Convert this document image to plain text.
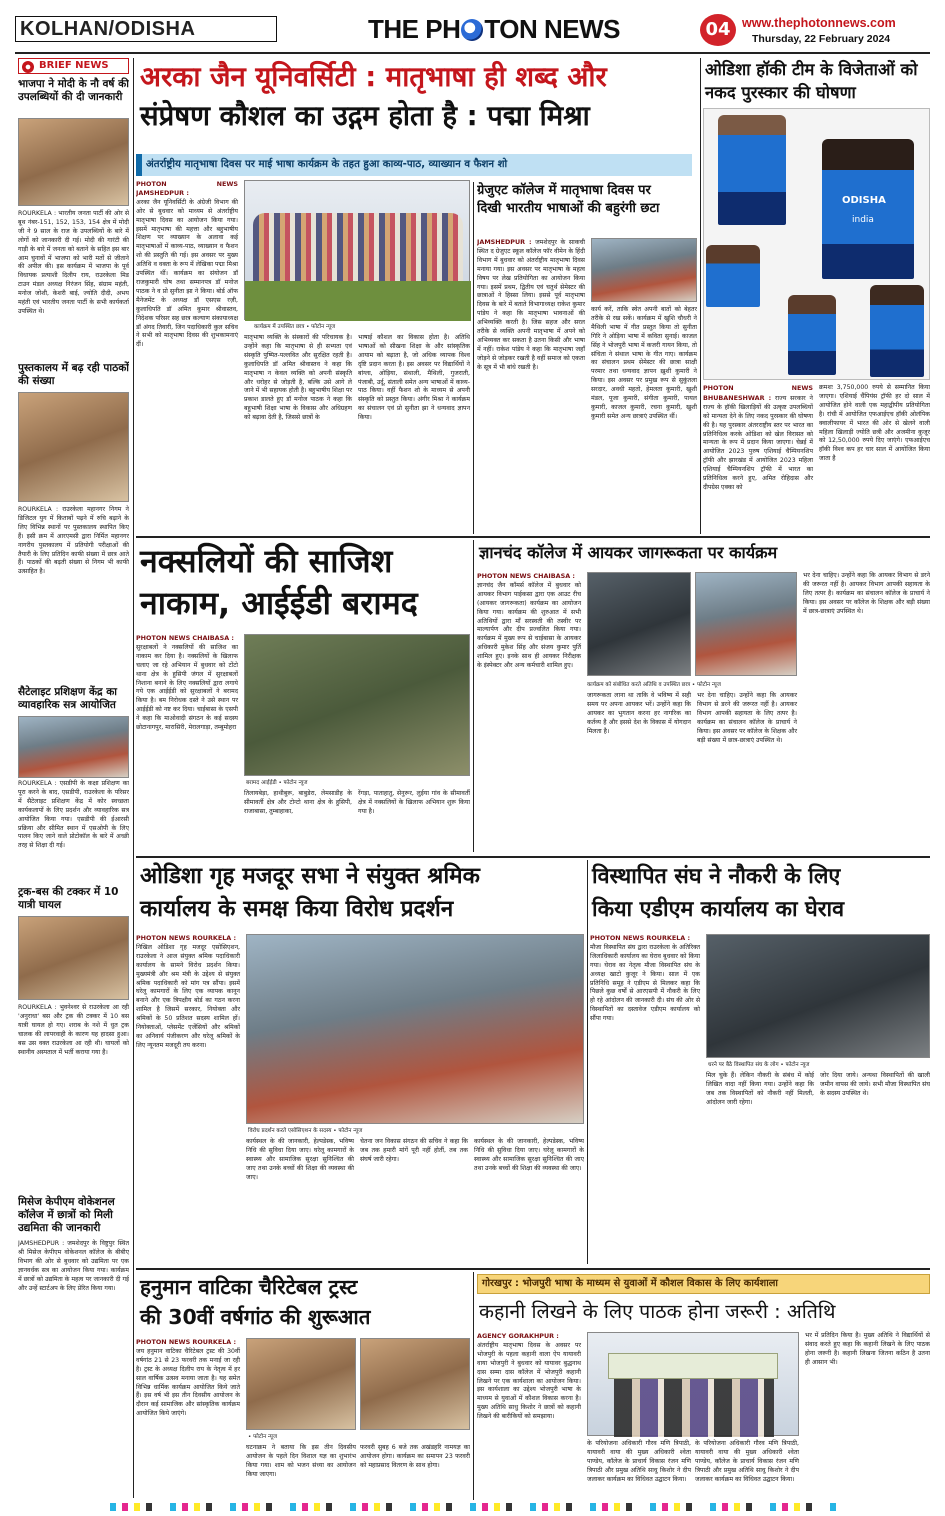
KOLHAN/ODISHA	THE PH TON NEWS	04 www.thephotonnews.com
Thursday, 22 February 2024
BRIEF NEWS
भाजपा ने मोदी के नौ वर्ष की उपलब्धियों की दी जानकारी
ROURKELA : भारतीय जनता पार्टी की ओर से बूथ नंबर-151, 152, 153, 154 क्षेत्र में मोदी जी ने 9 साल के राज के उपलब्धियों के बारे में लोगों को जानकारी दी गई। मोदी की गारंटी की गाड़ी के बारे में जनता को बताने के सहित इस बार आम चुनावों में भाजपा को भारी मतों से जीताने की अपील की। इस कार्यक्रम में भाजपा के पूर्व विधायक प्रत्याशी दिलीप राय, राउरकेला मिड टाउन मंडल अध्यक्ष निरंजन सिंह, संग्राम महंती, मनोज जोशी, केशरी बाई, ज्योति दीदी, अभय महंती एवं भारतीय जनता पार्टी के सभी कार्यकर्ता उपस्थित थे।
पुस्तकालय में बढ़ रही पाठकों की संख्या
ROURKELA : राउरकेला महानगर निगम ने डिजिटल युग में किताबों पढ़ने में रुचि बढ़ाने के लिए विभिन्न स्थानों पर पुस्तकालय स्थापित किए हैं। इसी क्रम में आरएमसी द्वारा निर्मित महानगर नागरीय पुस्तकालय में प्रतियोगी परीक्षाओं की तैयारी के लिए प्रतिदिन काफी संख्या में छात्र आते हैं। पाठकों की बढ़ती संख्या से निगम भी काफी उत्साहित है।
सैटेलाइट प्रशिक्षण केंद्र का व्यावहारिक सत्र आयोजित
ROURKELA : एसडीपी के कक्षा प्रशिक्षण का पूरा करने के बाद, एसडीपी, राउरकेला के परिसर में सैटेलाइट प्रशिक्षण केंद्र में कोर स्वच्छता कार्यकलापों के लिए प्रदर्शन और व्यावहारिक सत्र आयोजित किया गया। एसडीपी की ईआरसी प्रक्रिया और सीमित स्थान में एसओपी के लिए पालन किए जाने वाले प्रोटोकॉल के बारे में अच्छी तरह से शिक्षा दी गई।
ट्रक-बस की टक्कर में 10 यात्री घायल
ROURKELA : भुवनेश्वर से राउरकेला आ रही 'अनुराधा' बस और ट्रक की टक्कर में 10 बस यात्री घायल हो गए। शराब के नशे में धुत ट्रक चालक की लापरवाही के कारण यह हादसा हुआ। बस उस वक्त राउरकेला आ रही थी। घायलों को स्थानीय अस्पताल में भर्ती कराया गया है।
मिसेज केपीएम वोकेशनल कॉलेज में छात्रों को मिली उद्यमिता की जानकारी
JAMSHEDPUR : जमशेदपुर के विष्टुपुर स्थित श्री मिसेज केपीएम वोकेशनल कॉलेज के बीबीए विभाग की ओर से बुधवार को उद्यमिता पर एक ज्ञानवर्धक सत्र का आयोजन किया गया। कार्यक्रम में छात्रों को उद्यमिता के महत्व पर जानकारी दी गई और उन्हें स्टार्टअप के लिए प्रेरित किया गया।
अरका जैन यूनिवर्सिटी : मातृभाषा ही शब्द और
संप्रेषण कौशल का उद्गम होता है : पद्मा मिश्रा
अंतर्राष्ट्रीय मातृभाषा दिवस पर माई भाषा कार्यक्रम के तहत हुआ काव्य-पाठ, व्याख्यान व फैशन शो
PHOTON NEWS JAMSHEDPUR :
अरका जैन यूनिवर्सिटी के अंग्रेजी विभाग की ओर से बुधवार को माध्यम से अंतर्राष्ट्रीय मातृभाषा दिवस का आयोजन किया गया। इसमें मातृभाषा की महत्ता और बहुभाषीय शिक्षण पर व्याख्यान के अलावा कई मातृभाषाओं में काव्य-पाठ, व्याख्यान व फैशन शो की प्रस्तुति की गई। इस अवसर पर मुख्य अतिथि व वक्ता के रूप में लेखिका पद्मा मिश्रा उपस्थित थीं। कार्यक्रम का संयोजन डॉ राजकुमारी घोष तथा सम्मानपत्र डॉ मनोज पाठक ने व प्रो सुनीता झा ने किया। बोर्ड ऑफ मैनेजमेंट के अध्यक्ष डॉ एसएस रज़ी, कुलाधिपति डॉ अमित कुमार श्रीवास्तव, निदेशक परिसर सह छात्र कल्याण संकायाध्यक्ष डॉ अंगद तिवारी, जिन पदाधिकारी कुल सचिव ने सभी को मातृभाषा दिवस की शुभकामनाएं दीं।
कार्यक्रम में उपस्थित छात्र • फोटोन न्यूज
मातृभाषा व्यक्ति के संस्कारों की परिचायक है। उन्होंने कहा कि मातृभाषा से ही सभ्यता एवं संस्कृति पुष्पित-पल्लवित और सुरक्षित रहती है। कुलाधिपति डॉ अमित श्रीवास्तव ने कहा कि मातृभाषा न केवल व्यक्ति को अपनी संस्कृति और धरोहर से जोड़ती है, बल्कि उसे आगे ले जाने में भी सहायक होती है। बहुभाषीय शिक्षा पर प्रकाश डालते हुए डॉ मनोज पाठक ने कहा कि बहुभाषी शिक्षा भाषा के विकास और अधिग्रहण को बढ़ावा देती है, जिससे छात्रों के
भाषाई कौशल का विकास होता है। अतिथि भाषाओं को सीखना शिक्षा के और सांस्कृतिक आयाम को बढ़ाता है, जो अधिक व्यापक विश्व दृष्टि प्रदान करता है। इस अवसर पर विद्यार्थियों ने बांग्ला, ओड़िया, संथाली, मैथिली, गुजराती, पंजाबी, उर्दू, संताली समेत अन्य भाषाओं में काव्य-पाठ किया। वहीं फैशन शो के माध्यम से अपनी संस्कृति को प्रस्तुत किया। अंगीर मिश्रा ने कार्यक्रम का संचालन एवं प्रो सुनीता झा ने धन्यवाद ज्ञापन किया।
ग्रेजुएट कॉलेज में मातृभाषा दिवस पर
दिखी भारतीय भाषाओं की बहुरंगी छटा
JAMSHEDPUR : जमशेदपुर के साकची स्थित द ग्रेजुएट स्कूल कॉलेज फॉर वीमेन के हिंदी विभाग में बुधवार को अंतर्राष्ट्रीय मातृभाषा दिवस मनाया गया। इस अवसर पर मातृभाषा के महत्व विषय पर लेख प्रतियोगिता का आयोजन किया गया। इसमें प्रथम, द्वितीय एवं चतुर्थ सेमेस्टर की छात्राओं ने हिस्सा लिया। इससे पूर्व मातृभाषा दिवस के बारे में बताते विभागाध्यक्ष राकेश कुमार पांडेय ने कहा कि मातृभाषा भावनाओं की अभिव्यक्ति करती है। जिस सहज और सरल तरीके से व्यक्ति अपनी मातृभाषा में अपने को अभिव्यक्त कर सकता है उतना किसी और भाषा में नहीं। राकेश पांडेय ने कहा कि मातृभाषा जहाँ जोड़ने से जोड़कर रखती है वहीं समाज को एकता के सूत्र में भी बांधे रखती है।
कार्य करें, ताकि स्वेत अपनी बातों को बेहतर तरीके से रख सकें। कार्यक्रम में खुशि चौधरी ने मैथिली भाषा में गीत प्रस्तुत किया तो सुनीता गिरि ने ओड़िया भाषा में कविता सुनाई। काजल सिंह ने भोजपुरी भाषा में कजरी गायन किया, तो संचिता ने संथाल भाषा के गीत गाए। कार्यक्रम का संचालन प्रथम सेमेस्टर की छात्रा साक्षी परमार तथा धन्यवाद ज्ञापन ख़ुशी कुमारी ने किया। इस अवसर पर प्रमुख रूप से सुकुंतला सरदार, अवधी महतो, हेमलता कुमारी, खुशी मंडल, पूजा कुमारी, संगीता कुमारी, पायल कुमारी, काजल कुमारी, रचना कुमारी, खुशी कुमारी समेत अन्य छात्राएं उपस्थित थीं।
ओडिशा हॉकी टीम के विजेताओं को नकद पुरस्कार की घोषणा
ODISHA
india
PHOTON NEWS BHUBANESHWAR : राज्य सरकार ने राज्य के हॉकी खिलाड़ियों की उत्कृष्ट उपलब्धियों को मान्यता देने के लिए नकद पुरस्कार की घोषणा की है। यह पुरस्कार अंतरराष्ट्रीय स्तर पर भारत का प्रतिनिधित्व करके ओडिशा को खेल विरासत को मान्यता के रूप में प्रदान किया जाएगा। चेन्नई में आयोजित 2023 पुरुष एशियाई चैम्पियनशिप ट्रॉफी और झारखंड में आयोजित 2023 महिला एशियाई चैम्पियनशिप ट्रॉफी में भारत का प्रतिनिधित्व करने हुए, अमित रोहिदास और दीपग्रेस एक्का को
क्रमशः 3,750,000 रुपये से सम्मानित किया जाएगा। एशियाई चैंपियंस ट्रॉफी हर दो साल में आयोजित होने वाली एक महाद्वीपीय प्रतियोगिता है। रांची में आयोजित एफआईएच हॉकी ओलंपिक क्वालीफायर में भारत की ओर से खेलने वाली महिला खिलाड़ी ज्योति छत्री और अजमीना कुजूर को 12,50,000 रुपये दिए जाएंगे। एफआईएच हॉकी विश्व कप हर चार साल में आयोजित किया जाता है
नक्सलियों की साजिश
नाकाम, आईईडी बरामद
PHOTON NEWS CHAIBASA :
सुरक्षाबलों ने नक्सलियों की साजिश का नाकाम कर दिया है। नक्सलियों के खिलाफ चलाए जा रहे अभियान में बुधवार को टोंटो थाना क्षेत्र के हुसिपी जंगल में सुरक्षाबलों निशाना बनाने के लिए नक्सलियों द्वारा लगाये गये एक आईईडी को सुरक्षाबलों ने बरामद किया है। बम निरोधक दस्ते ने उसे स्थान पर आईईडी को नष्ट कर दिया। चाईबासा के एसपी ने कहा कि माओवादी संगठन के कई सदस्य छोटानागपुर, मारासिरी, मेरालगाड़ा, तम्बुमोहरा
बरामद आईईडी • फोटोन न्यूज
तिलायबेड़ा, हाथीबुरू, बाबुडेरा, लेमसाडीह के सीमावर्ती क्षेत्र और टोन्टो थाना क्षेत्र के हुसिपी, राजाबासा, तुम्बाहाका,
रेंगड़ा, पाताहातु, सेनुरूर, लुईया गांव के सीमावर्ती क्षेत्र में नक्सलियों के खिलाफ अभियान शुरू किया गया है।
ज्ञानचंद कॉलेज में आयकर जागरूकता पर कार्यक्रम
PHOTON NEWS CHAIBASA :
ज्ञानचंद जैन कॉमर्स कॉलेज में बुधवार को आयकर विभाग पाईकसा द्वारा एक आउट रीच (आयकर जागरूकता) कार्यक्रम का आयोजन किया गया। कार्यक्रम की शुरुआत में सभी अतिथियों द्वारा माँ सरस्वती की तस्वीर पर माल्यार्पण और दीप प्रज्वलित किया गया। कार्यक्रम में मुख्य रूप से चाईबासा के आयकर अधिकारी मुकेश सिंह और संजय कुमार पुर्ति शामिल हुए। इनके साथ ही आयकर निरीक्षक के इंस्पेक्टर और अन्य कर्मचारी शामिल हुए।
कार्यक्रम को संबोधित करते अतिथि व उपस्थित छात्र • फोटोन न्यूज
जागरूकता लाना था ताकि वे भविष्य में सही समय पर अपना आयकर भरें। उन्होंने कहा कि आयकर का भुगतान करना हर नागरिक का कर्तव्य है और इससे देश के विकास में योगदान मिलता है।
भर देना चाहिए। उन्होंने कहा कि आयकर विभाग से डरने की जरूरत नहीं है। आयकर विभाग आपकी सहायता के लिए तत्पर है। कार्यक्रम का संचालन कॉलेज के प्राचार्य ने किया। इस अवसर पर कॉलेज के शिक्षक और बड़ी संख्या में छात्र-छात्राएं उपस्थित थे।
भर देना चाहिए। उन्होंने कहा कि आयकर विभाग से डरने की जरूरत नहीं है। आयकर विभाग आपकी सहायता के लिए तत्पर है। कार्यक्रम का संचालन कॉलेज के प्राचार्य ने किया। इस अवसर पर कॉलेज के शिक्षक और बड़ी संख्या में छात्र-छात्राएं उपस्थित थे।
ओडिशा गृह मजदूर सभा ने संयुक्त श्रमिक
कार्यालय के समक्ष किया विरोध प्रदर्शन
PHOTON NEWS ROURKELA :
निखिल ओडिशा गृह मजदूर एसोसिएशन, राउरकेला ने आज संयुक्त श्रमिक पदाधिकारी कार्यालय के सामने विरोध प्रदर्शन किया। मुख्यमंत्री और श्रम मंत्री के उद्देश्य से संयुक्त श्रमिक पदाधिकारी को मांग पत्र सौंपा। इसमें घरेलू कामगारों के लिए एक व्यापक कानून बनाने और एक त्रिपक्षीय बोर्ड का गठन करना शामिल है जिसमें सरकार, नियोक्ता और श्रमिकों के 50 प्रतिशत सदस्य शामिल हों। नियोक्ताओं, प्लेसमेंट एजेंसियों और श्रमिकों का अनिवार्य पंजीकरण और घरेलू श्रमिकों के लिए न्यूनतम मजदूरी तय करना।
विरोध प्रदर्शन करते एसोसिएशन के सदस्य • फोटोन न्यूज
कार्यस्थल के की जानकारी, हेल्पडेस्क, भविष्य निधि की सुविधा दिया जाए। घरेलू कामगारों के स्वास्थ्य और सामाजिक सुरक्षा सुनिश्चित की जाए तथा उनके बच्चों की शिक्षा की व्यवस्था की जाए।
चेतना जन विकास संगठन की सचिव ने कहा कि जब तक हमारी मांगें पूरी नहीं होतीं, तब तक संघर्ष जारी रहेगा।
कार्यस्थल के की जानकारी, हेल्पडेस्क, भविष्य निधि की सुविधा दिया जाए। घरेलू कामगारों के स्वास्थ्य और सामाजिक सुरक्षा सुनिश्चित की जाए तथा उनके बच्चों की शिक्षा की व्यवस्था की जाए।
विस्थापित संघ ने नौकरी के लिए
किया एडीएम कार्यालय का घेराव
PHOTON NEWS ROURKELA :
मौजा विस्थापित संघ द्वारा राउरकेला के अतिरिक्त जिलाधिकारी कार्यालय का घेराव बुधवार को किया गया। घेराव का नेतृत्व मौजा विस्थापित संघ के अध्यक्ष खाटो कुजूर ने किया। साल में एक प्रतिनिधि समूह ने एडीएम से मिलकर कहा कि पिछले कुछ वर्षों से आरएसपी में नौकरी के लिए हो रहे आंदोलन की जानकारी दी। संघ की ओर से विस्थापितों का दस्तावेज एडीएम कार्यालय को सौंपा गया।
धरने पर बैठे विस्थापित संघ के लोग • फोटोन न्यूज
मिल चुके हैं। लेकिन नौकरी के संबंध में कोई लिखित वादा नहीं किया गया। उन्होंने कहा कि जब तक विस्थापितों को नौकरी नहीं मिलती, आंदोलन जारी रहेगा।
जोर दिया जाये। अन्यथा विस्थापितों की खाली जमीन वापस की जाये। सभी मौजा विस्थापित संघ के सदस्य उपस्थित थे।
हनुमान वाटिका चैरिटेबल ट्रस्ट
की 30वीं वर्षगांठ की शुरूआत
PHOTON NEWS ROURKELA :
जय हनुमान वाटिका चैरिटेबल ट्रस्ट की 30वीं वर्षगांठ 21 से 23 फरवरी तक मनाई जा रही है। ट्रस्ट के अध्यक्ष दिलीप राय के नेतृत्व में हर साल वार्षिक उत्सव मनाया जाता है। यह समेत विभिन्न धार्मिक कार्यक्रम आयोजित किये जाते हैं। इस वर्ष भी इस तीन दिवसीय आयोजन के दौरान कई सामाजिक और सांस्कृतिक कार्यक्रम आयोजित किये जाएंगे।
• फोटोन न्यूज
घटनाक्रम ने बताया कि इस तीन दिवसीय आयोजन के पहले दिन विशाल यज्ञ का शुभारंभ किया गया। शाम को भजन संध्या का आयोजन किया जाएगा।
फरवरी सुबह 6 बजे तक अखंडहरि नामयज्ञ का आयोजन होगा। कार्यक्रम का समापन 23 फरवरी को महाप्रसाद वितरण के साथ होगा।
गोरखपुर : भोजपुरी भाषा के माध्यम से युवाओं में कौशल विकास के लिए कार्यशाला
कहानी लिखने के लिए पाठक होना जरूरी : अतिथि
AGENCY GORAKHPUR :
अंतर्राष्ट्रीय मातृभाषा दिवस के अवसर पर भोजपुरी के पहला कहानी वाला ऐप यायावरी वाया भोजपुरी ने बुधवार को यायावर बुद्धनाथ दास सम्मा दास कॉलेज में भोजपुरी कहानी लिखने पर एक कार्यशाला का आयोजन किया। इस कार्यशाला का उद्देश्य भोजपुरी भाषा के माध्यम से युवाओं में कौशल विकास करना है। मुख्य अतिथि साधु किशोर ने छात्रों को कहानी लिखने की बारीकियों को समझाया।
के परियोजना अधिकारी गौरव मणि त्रिपाठी, यायावरी वाया की मुख्य अधिकारी श्वेता पाण्डेय, कॉलेज के प्राचार्य विकास रंजन मणि त्रिपाठी और प्रमुख अतिथि साधु किशोर ने दीप जलाकर कार्यक्रम का विधिवत उद्घाटन किया।
के परियोजना अधिकारी गौरव मणि त्रिपाठी, यायावरी वाया की मुख्य अधिकारी श्वेता पाण्डेय, कॉलेज के प्राचार्य विकास रंजन मणि त्रिपाठी और प्रमुख अतिथि साधु किशोर ने दीप जलाकर कार्यक्रम का विधिवत उद्घाटन किया।
भर में प्रतिदिन किया है। मुख्य अतिथि ने विद्यार्थियों से संवाद करते हुए कहा कि कहानी लिखने के लिए पाठक होना जरूरी है। कहानी लिखना जितना कठिन है उतना ही आसान भी।
